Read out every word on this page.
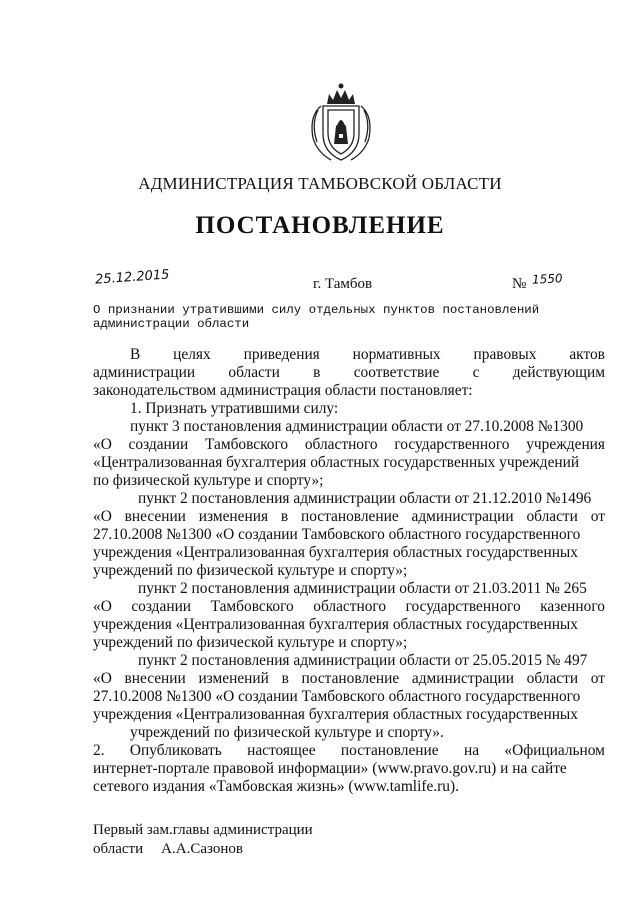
АДМИНИСТРАЦИЯ ТАМБОВСКОЙ ОБЛАСТИ
ПОСТАНОВЛЕНИЕ
25.12.2015	г. Тамбов	№ 1550
О признании утратившими силу отдельных пунктов постановлений
администрации области
В целях приведения нормативных правовых актов
администрации области в соответствие с действующим
законодательством администрация области постановляет:
1. Признать утратившими силу:
пункт 3 постановления администрации области от 27.10.2008 №1300
«О создании Тамбовского областного государственного учреждения
«Централизованная бухгалтерия областных государственных учреждений
по физической культуре и спорту»;
пункт 2 постановления администрации области от 21.12.2010 №1496
«О внесении изменения в постановление администрации области от
27.10.2008 №1300 «О создании Тамбовского областного государственного
учреждения «Централизованная бухгалтерия областных государственных
учреждений по физической культуре и спорту»;
пункт 2 постановления администрации области от 21.03.2011 № 265
«О создании Тамбовского областного государственного казенного
учреждения «Централизованная бухгалтерия областных государственных
учреждений по физической культуре и спорту»;
пункт 2 постановления администрации области от 25.05.2015 № 497
«О внесении изменений в постановление администрации области от
27.10.2008 №1300 «О создании Тамбовского областного государственного
учреждения «Централизованная бухгалтерия областных государственных
учреждений по физической культуре и спорту».
2. Опубликовать настоящее постановление на «Официальном
интернет-портале правовой информации» (www.pravo.gov.ru) и на сайте
сетевого издания «Тамбовская жизнь» (www.tamlife.ru).
Первый зам.главы администрации
области А.А.Сазонов
